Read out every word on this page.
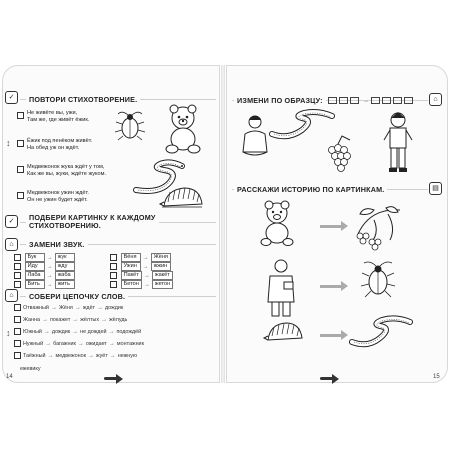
✓	ПОВТОРИ СТИХОТВОРЕНИЕ.
Не живёте вы, ужи,
Там же, где живёт ёжик.
Ёжик под пенёком живёт.
На обед уж он ждёт.
Медвежонок жука ждёт у том,
Как же вы, жуки, ждёте жуком.
Медвежонок ужин ждёт.
Он не ужин будет ждёт.
↕
✓	ПОДБЕРИ КАРТИНКУ К КАЖДОМУ
СТИХОТВОРЕНИЮ.
⌂	ЗАМЕНИ ЗВУК.
Бук → жук
Иду → жду
Лаба → жаба
Бить → жить
Вёня → Жёня
Ужин → жжин
Пакёт → жакёт
Бетон → жетон
⌂	СОБЕРИ ЦЕПОЧКУ СЛОВ.
Отважный → Жёня → ждёт → дождик
Жанна → покажет → жёлтых → жёлудь
Южный → дождик → не дождей → подождёй
Нужный → багажник → ожидает → монтажник
Таёжный → медвежонок → жуёт → нежную
ежевику
↕
14
⌂
ИЗМЕНИ ПО ОБРАЗЦУ:	→
▤
РАССКАЖИ ИСТОРИЮ ПО КАРТИНКАМ.
15
